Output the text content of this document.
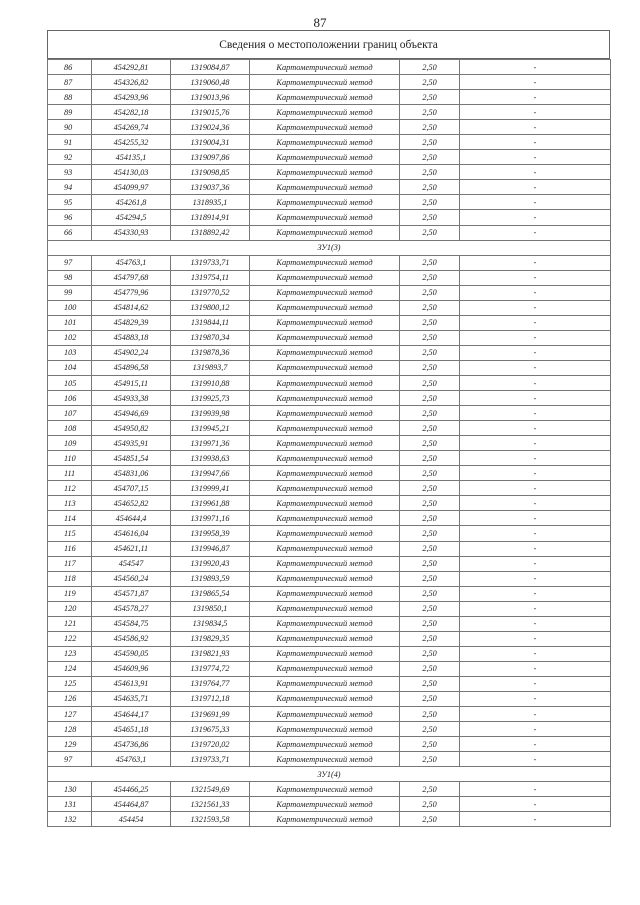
87
Сведения о местоположении границ объекта
86	454292,81	1319084,87	Картометрический метод	2,50	-
87	454326,82	1319060,48	Картометрический метод	2,50	-
88	454293,96	1319013,96	Картометрический метод	2,50	-
89	454282,18	1319015,76	Картометрический метод	2,50	-
90	454269,74	1319024,36	Картометрический метод	2,50	-
91	454255,32	1319004,31	Картометрический метод	2,50	-
92	454135,1	1319097,86	Картометрический метод	2,50	-
93	454130,03	1319098,85	Картометрический метод	2,50	-
94	454099,97	1319037,36	Картометрический метод	2,50	-
95	454261,8	1318935,1	Картометрический метод	2,50	-
96	454294,5	1318914,91	Картометрический метод	2,50	-
66	454330,93	1318892,42	Картометрический метод	2,50	-
ЗУ1(3)					
97	454763,1	1319733,71	Картометрический метод	2,50	-
98	454797,68	1319754,11	Картометрический метод	2,50	-
99	454779,96	1319770,52	Картометрический метод	2,50	-
100	454814,62	1319800,12	Картометрический метод	2,50	-
101	454829,39	1319844,11	Картометрический метод	2,50	-
102	454883,18	1319870,34	Картометрический метод	2,50	-
103	454902,24	1319878,36	Картометрический метод	2,50	-
104	454896,58	1319893,7	Картометрический метод	2,50	-
105	454915,11	1319910,88	Картометрический метод	2,50	-
106	454933,38	1319925,73	Картометрический метод	2,50	-
107	454946,69	1319939,98	Картометрический метод	2,50	-
108	454950,82	1319945,21	Картометрический метод	2,50	-
109	454935,91	1319971,36	Картометрический метод	2,50	-
110	454851,54	1319938,63	Картометрический метод	2,50	-
111	454831,06	1319947,66	Картометрический метод	2,50	-
112	454707,15	1319999,41	Картометрический метод	2,50	-
113	454652,82	1319961,88	Картометрический метод	2,50	-
114	454644,4	1319971,16	Картометрический метод	2,50	-
115	454616,04	1319958,39	Картометрический метод	2,50	-
116	454621,11	1319946,87	Картометрический метод	2,50	-
117	454547	1319920,43	Картометрический метод	2,50	-
118	454560,24	1319893,59	Картометрический метод	2,50	-
119	454571,87	1319865,54	Картометрический метод	2,50	-
120	454578,27	1319850,1	Картометрический метод	2,50	-
121	454584,75	1319834,5	Картометрический метод	2,50	-
122	454586,92	1319829,35	Картометрический метод	2,50	-
123	454590,05	1319821,93	Картометрический метод	2,50	-
124	454609,96	1319774,72	Картометрический метод	2,50	-
125	454613,91	1319764,77	Картометрический метод	2,50	-
126	454635,71	1319712,18	Картометрический метод	2,50	-
127	454644,17	1319691,99	Картометрический метод	2,50	-
128	454651,18	1319675,33	Картометрический метод	2,50	-
129	454736,86	1319720,02	Картометрический метод	2,50	-
97	454763,1	1319733,71	Картометрический метод	2,50	-
ЗУ1(4)					
130	454466,25	1321549,69	Картометрический метод	2,50	-
131	454464,87	1321561,33	Картометрический метод	2,50	-
132	454454	1321593,58	Картометрический метод	2,50	-
